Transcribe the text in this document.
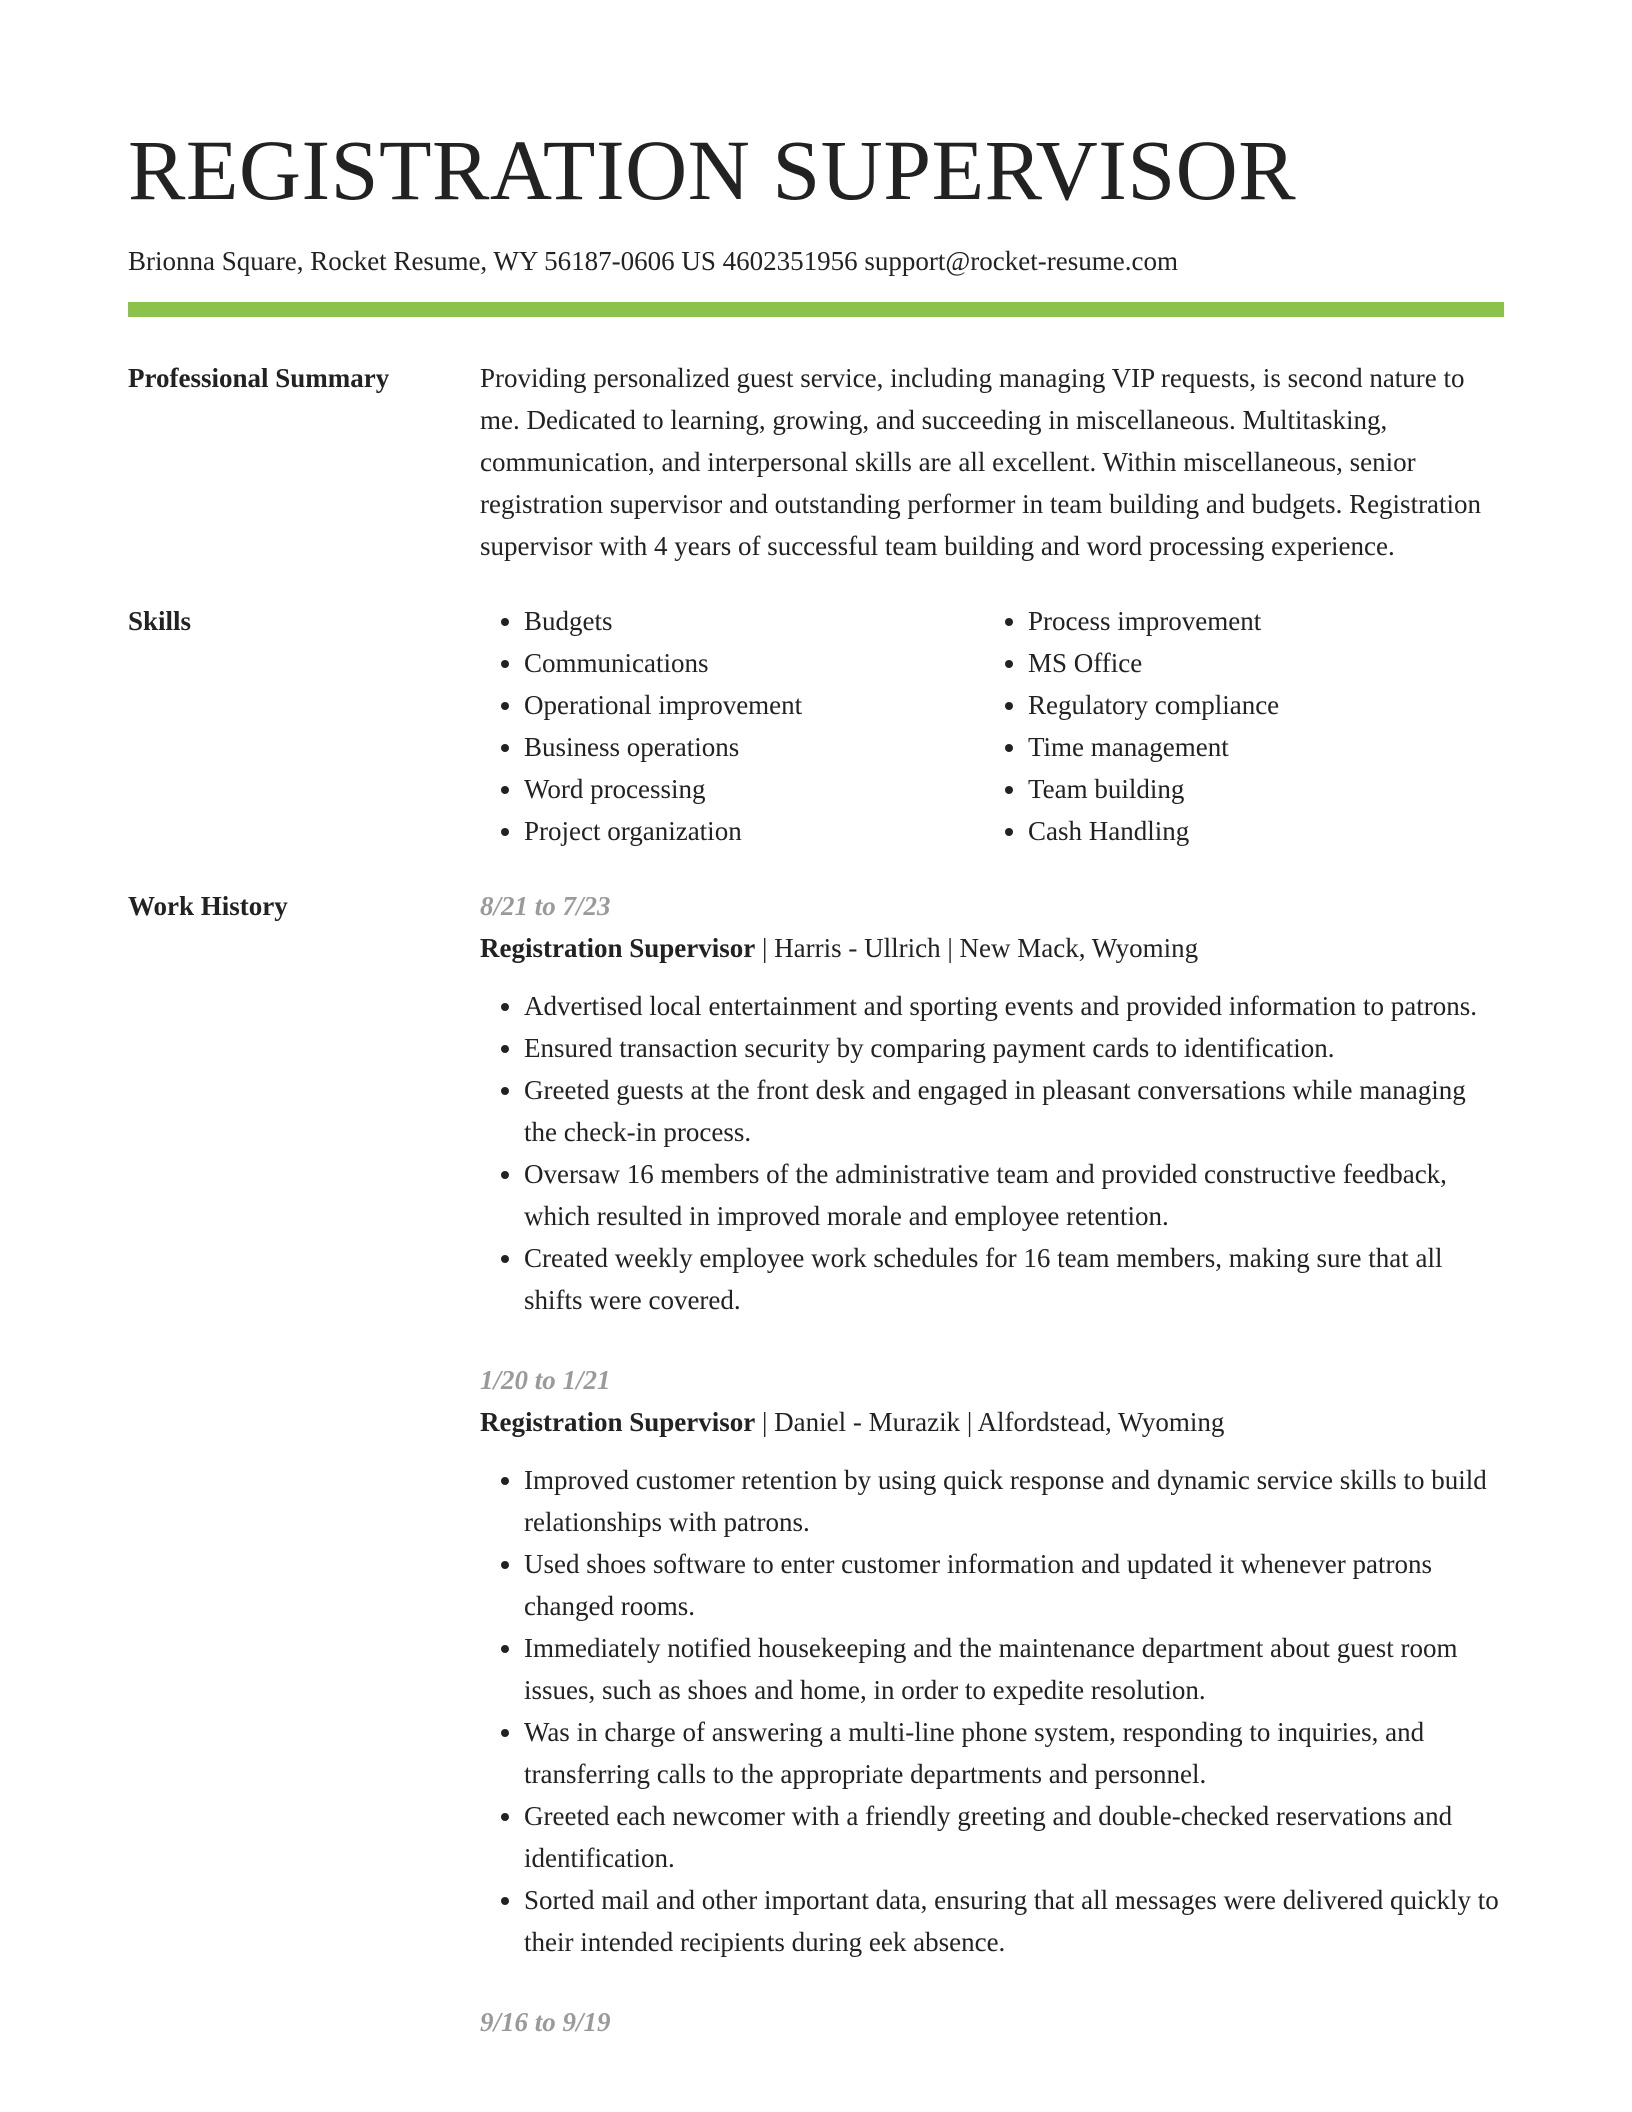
REGISTRATION SUPERVISOR
Brionna Square, Rocket Resume, WY 56187-0606 US 4602351956 support@rocket-resume.com
Professional Summary	Providing personalized guest service, including managing VIP requests, is second nature to me. Dedicated to learning, growing, and succeeding in miscellaneous. Multitasking, communication, and interpersonal skills are all excellent. Within miscellaneous, senior registration supervisor and outstanding performer in team building and budgets. Registration supervisor with 4 years of successful team building and word processing experience.

Skills
•	Budgets
• Communications
• Operational improvement
• Business operations
• Word processing
• Project organization
• Process improvement
• MS Office
• Regulatory compliance
• Time management
• Team building
• Cash Handling
Work History	8/21 to 7/23
Registration Supervisor | Harris - Ullrich | New Mack, Wyoming
• Advertised local entertainment and sporting events and provided information to patrons.
• Ensured transaction security by comparing payment cards to identification.
• Greeted guests at the front desk and engaged in pleasant conversations while managing the check-in process.
• Oversaw 16 members of the administrative team and provided constructive feedback, which resulted in improved morale and employee retention.
• Created weekly employee work schedules for 16 team members, making sure that all shifts were covered.
1/20 to 1/21
Registration Supervisor | Daniel - Murazik | Alfordstead, Wyoming
• Improved customer retention by using quick response and dynamic service skills to build relationships with patrons.
• Used shoes software to enter customer information and updated it whenever patrons changed rooms.
• Immediately notified housekeeping and the maintenance department about guest room issues, such as shoes and home, in order to expedite resolution.
• Was in charge of answering a multi-line phone system, responding to inquiries, and transferring calls to the appropriate departments and personnel.
• Greeted each newcomer with a friendly greeting and double-checked reservations and identification.
• Sorted mail and other important data, ensuring that all messages were delivered quickly to their intended recipients during eek absence.
9/16 to 9/19
